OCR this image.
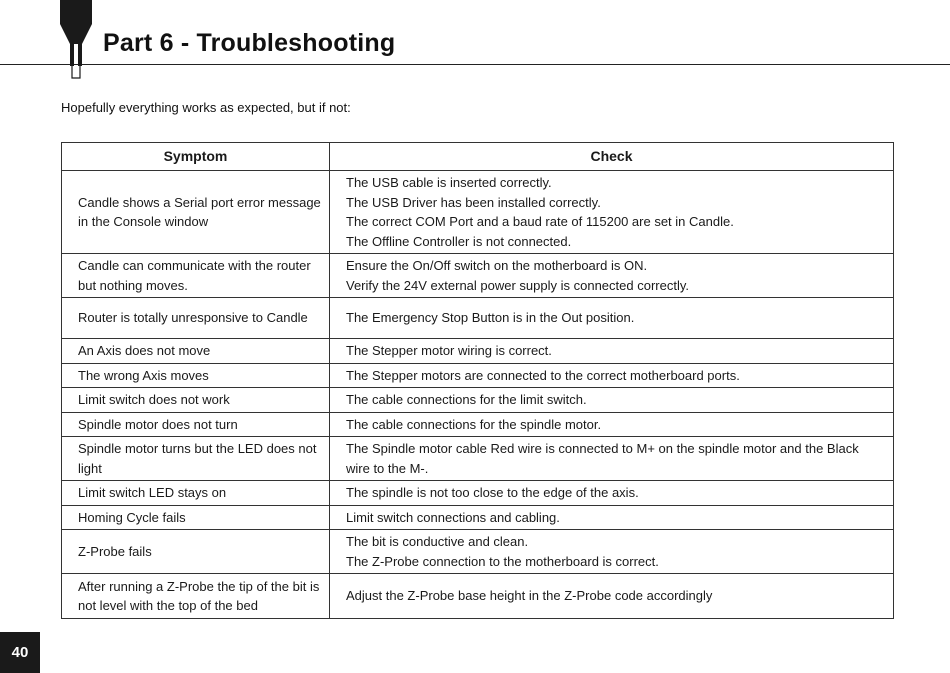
Part 6 - Troubleshooting

Hopefully everything works as expected, but if not:

Symptom	Check
Candle shows a Serial port error message in the Console window	The USB cable is inserted correctly.
The USB Driver has been installed correctly.
The correct COM Port and a baud rate of 115200 are set in Candle.
The Offline Controller is not connected.

Candle can communicate with the router but nothing moves.	Ensure the On/Off switch on the motherboard is ON.
Verify the 24V external power supply is connected correctly.

Router is totally unresponsive to Candle	The Emergency Stop Button is in the Out position.

An Axis does not move	The Stepper motor wiring is correct.

The wrong Axis moves	The Stepper motors are connected to the correct motherboard ports.

Limit switch does not work	The cable connections for the limit switch.

Spindle motor does not turn	The cable connections for the spindle motor.

Spindle motor turns but the LED does not light	The Spindle motor cable Red wire is connected to M+ on the spindle motor and the Black wire to the M-.

Limit switch LED stays on	The spindle is not too close to the edge of the axis.

Homing Cycle fails	Limit switch connections and cabling.

Z-Probe fails	The bit is conductive and clean.
The Z-Probe connection to the motherboard is correct.

After running a Z-Probe the tip of the bit is not level with the top of the bed	Adjust the Z-Probe base height in the Z-Probe code accordingly
40
